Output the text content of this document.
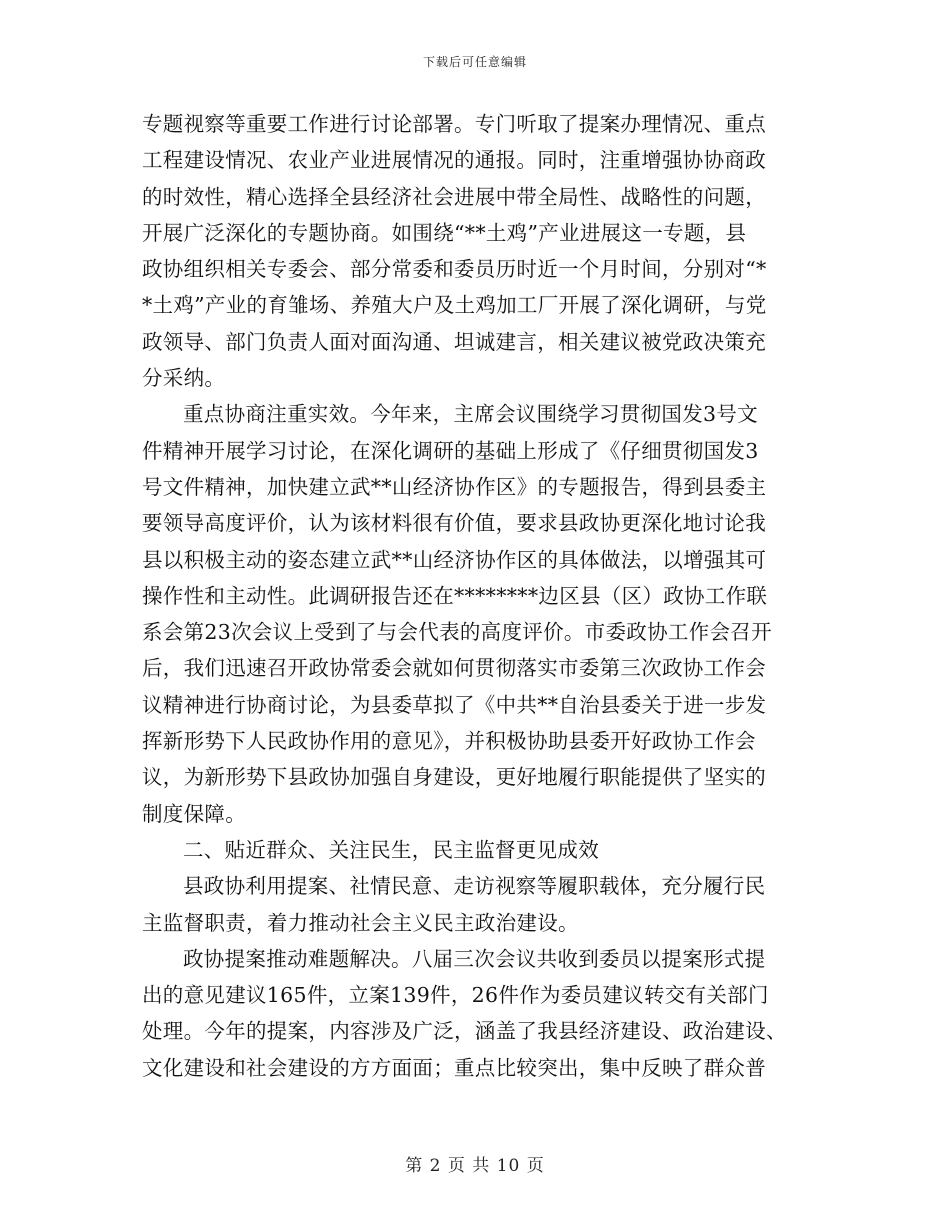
下载后可任意编辑
专题视察等重要工作进行讨论部署。专门听取了提案办理情况、重点
工程建设情况、农业产业进展情况的通报。同时，注重增强协协商政
的时效性，精心选择全县经济社会进展中带全局性、战略性的问题，
开展广泛深化的专题协商。如围绕“**土鸡”产业进展这一专题，县
政协组织相关专委会、部分常委和委员历时近一个月时间，分别对“*
*土鸡”产业的育雏场、养殖大户及土鸡加工厂开展了深化调研，与党
政领导、部门负责人面对面沟通、坦诚建言，相关建议被党政决策充
分采纳。
重点协商注重实效。今年来，主席会议围绕学习贯彻国发3号文
件精神开展学习讨论，在深化调研的基础上形成了《仔细贯彻国发3
号文件精神，加快建立武**山经济协作区》的专题报告，得到县委主
要领导高度评价，认为该材料很有价值，要求县政协更深化地讨论我
县以积极主动的姿态建立武**山经济协作区的具体做法，以增强其可
操作性和主动性。此调研报告还在********边区县（区）政协工作联
系会第23次会议上受到了与会代表的高度评价。市委政协工作会召开
后，我们迅速召开政协常委会就如何贯彻落实市委第三次政协工作会
议精神进行协商讨论，为县委草拟了《中共**自治县委关于进一步发
挥新形势下人民政协作用的意见》，并积极协助县委开好政协工作会
议，为新形势下县政协加强自身建设，更好地履行职能提供了坚实的
制度保障。
二、贴近群众、关注民生，民主监督更见成效
县政协利用提案、社情民意、走访视察等履职载体，充分履行民
主监督职责，着力推动社会主义民主政治建设。
政协提案推动难题解决。八届三次会议共收到委员以提案形式提
出的意见建议165件，立案139件，26件作为委员建议转交有关部门
处理。今年的提案，内容涉及广泛，涵盖了我县经济建设、政治建设、
文化建设和社会建设的方方面面；重点比较突出，集中反映了群众普
第 2 页 共 10 页
